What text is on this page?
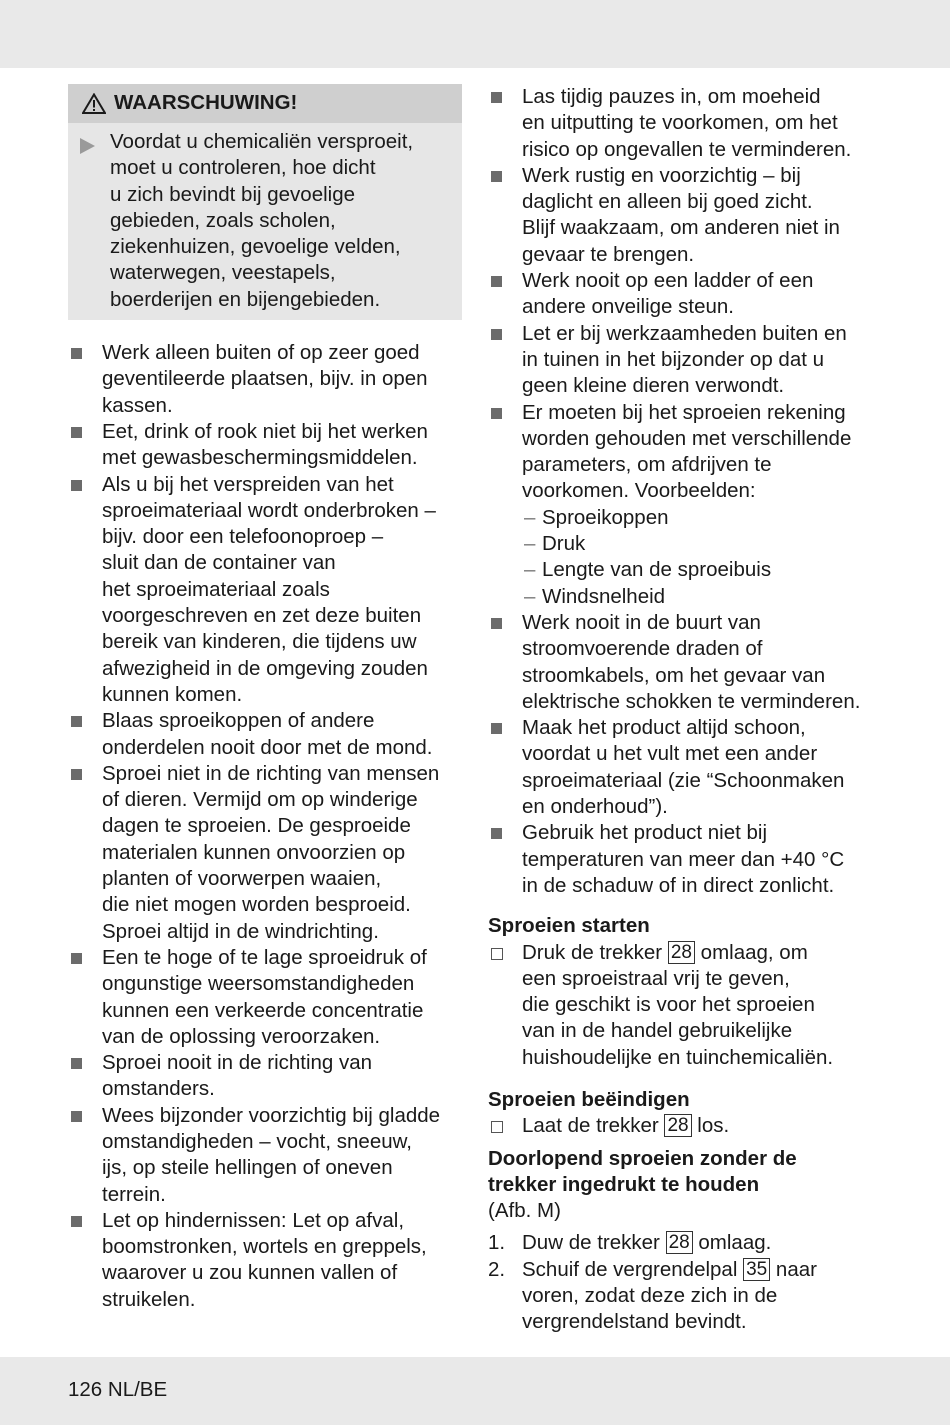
WAARSCHUWING!
Voordat u chemicaliën versproeit,
moet u controleren, hoe dicht
u zich bevindt bij gevoelige
gebieden, zoals scholen,
ziekenhuizen, gevoelige velden,
waterwegen, veestapels,
boerderijen en bijengebieden.
Werk alleen buiten of op zeer goed
geventileerde plaatsen, bijv. in open
kassen.
Eet, drink of rook niet bij het werken
met gewasbeschermingsmiddelen.
Als u bij het verspreiden van het
sproeimateriaal wordt onderbroken –
bijv. door een telefoonoproep –
sluit dan de container van
het sproeimateriaal zoals
voorgeschreven en zet deze buiten
bereik van kinderen, die tijdens uw
afwezigheid in de omgeving zouden
kunnen komen.
Blaas sproeikoppen of andere
onderdelen nooit door met de mond.
Sproei niet in de richting van mensen
of dieren. Vermijd om op winderige
dagen te sproeien. De gesproeide
materialen kunnen onvoorzien op
planten of voorwerpen waaien,
die niet mogen worden besproeid.
Sproei altijd in de windrichting.
Een te hoge of te lage sproeidruk of
ongunstige weersomstandigheden
kunnen een verkeerde concentratie
van de oplossing veroorzaken.
Sproei nooit in de richting van
omstanders.
Wees bijzonder voorzichtig bij gladde
omstandigheden – vocht, sneeuw,
ijs, op steile hellingen of oneven
terrein.
Let op hindernissen: Let op afval,
boomstronken, wortels en greppels,
waarover u zou kunnen vallen of
struikelen.
Las tijdig pauzes in, om moeheid
en uitputting te voorkomen, om het
risico op ongevallen te verminderen.
Werk rustig en voorzichtig – bij
daglicht en alleen bij goed zicht.
Blijf waakzaam, om anderen niet in
gevaar te brengen.
Werk nooit op een ladder of een
andere onveilige steun.
Let er bij werkzaamheden buiten en
in tuinen in het bijzonder op dat u
geen kleine dieren verwondt.
Er moeten bij het sproeien rekening
worden gehouden met verschillende
parameters, om afdrijven te
voorkomen. Voorbeelden:
– Sproeikoppen
– Druk
– Lengte van de sproeibuis
– Windsnelheid
Werk nooit in de buurt van
stroomvoerende draden of
stroomkabels, om het gevaar van
elektrische schokken te verminderen.
Maak het product altijd schoon,
voordat u het vult met een ander
sproeimateriaal (zie “Schoonmaken
en onderhoud”).
Gebruik het product niet bij
temperaturen van meer dan +40 °C
in de schaduw of in direct zonlicht.
Sproeien starten
Druk de trekker 28 omlaag, om
een sproeistraal vrij te geven,
die geschikt is voor het sproeien
van in de handel gebruikelijke
huishoudelijke en tuinchemicaliën.
Sproeien beëindigen
Laat de trekker 28 los.
Doorlopend sproeien zonder de
trekker ingedrukt te houden
(Afb. M)
1. Duw de trekker 28 omlaag.
2. Schuif de vergrendelpal 35 naar
voren, zodat deze zich in de
vergrendelstand bevindt.
126 NL/BE
